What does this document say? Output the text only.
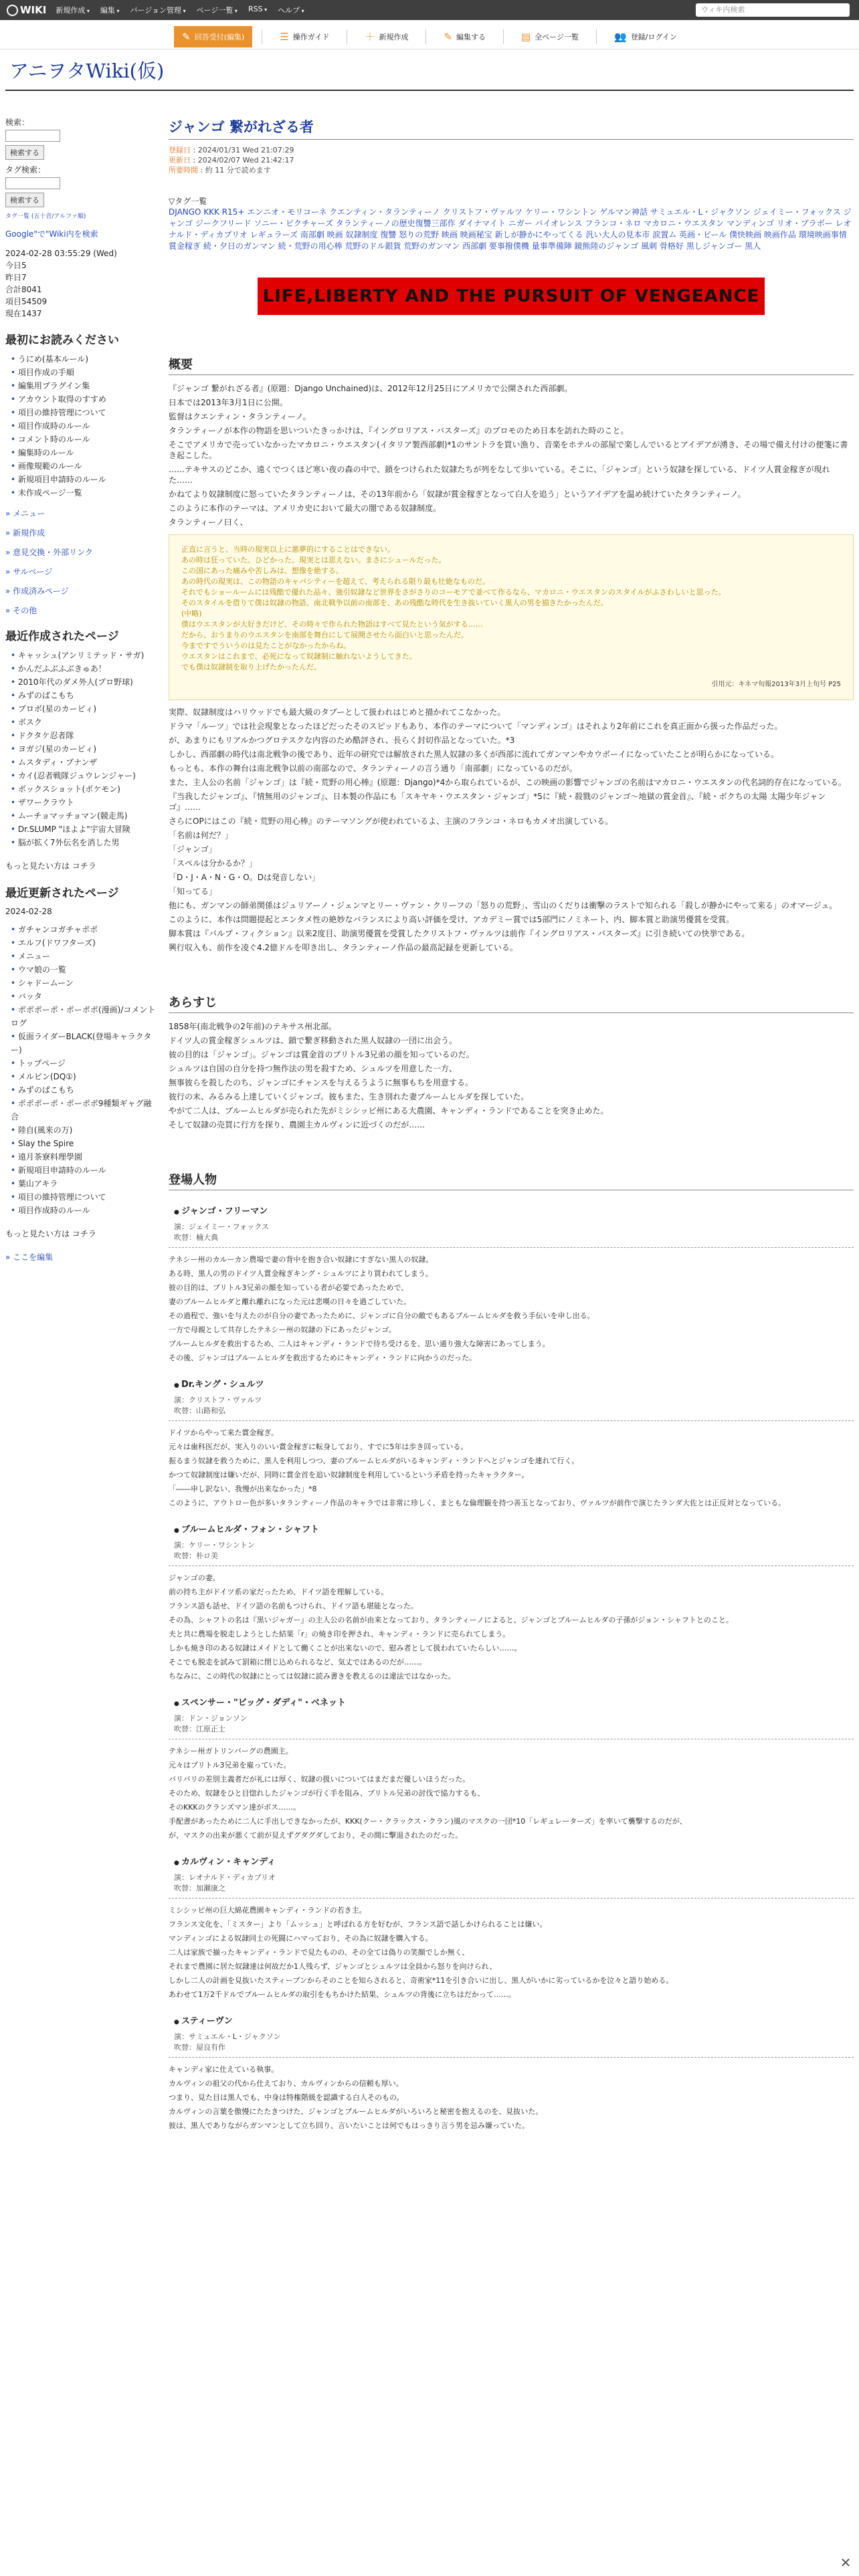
WIKI 新規作成 ▾	編集 ▾	バージョン管理 ▾	ページ一覧 ▾	RSS ▾	ヘルプ ▾	ウィキ内検索
✎ 回答受付(編集)	☰ 操作ガイド	＋ 新規作成	✎ 編集する	▤ 全ページ一覧	👥 登録/ログイン
アニヲタWiki(仮)
検索：
検索する
タグ検索：
検索する
タグ一覧 (五十音/アルファ順)
Google"で"Wiki内を検索
2024-02-28 03:55:29 (Wed)
今日5
昨日7
合計8041
項目54509
現在1437
最初にお読みください
• うにめ(基本ルール)
• 項目作成の手順
• 編集用プラグイン集
• アカウント取得のすすめ
• 項目の維持管理について
• 項目作成時のルール
• コメント時のルール
• 編集時のルール
• 画像規範のルール
• 新規項目申請時のルール
• 未作成ページ一覧
» メニュー
» 新規作成
» 意見交換・外部リンク
» サルベージ
» 作成済みページ
» その他
最近作成されたページ
• キャッシュ(アンリミテッド・サガ)
• かんだふぶふぶきゅあ！
• 2010年代のダメ外人(プロ野球)
• みずのばこもち
• プロボ(星のカービィ)
• ボスク
• ドクタケ忍者隊
• ヨガジ(星のカービィ)
• ムスタディ・ブナンザ
• カイ(忍者戦隊ジュウレンジャー)
• ポックスショット(ポケモン)
• ザワークラウト
• ムーチョマッチョマン(競走馬)
• Dr.SLUMP "ほよよ"宇宙大冒険
• 脳が拡く7外伝名を消した男
もっと見たい方は コチラ
最近更新されたページ
2024-02-28
• ガチャンコガチャポポ
• エルフ(ドワフターズ)
• メニュー
• ウマ娘の一覧
• シャドームーン
• バッタ
• ポポポーポ・ポーポポ(漫画)/コメントログ
• 仮面ライダーBLACK(登場キャラクター)
• トップページ
• メルビン(DQ①)
• みずのばこもち
• ポポポーポ・ポーポポ9種類ギャグ融合
• 陸自(風来の万)
• Slay the Spire
• 遠月茶寮料理學園
• 新規項目申請時のルール
• 葉山アキラ
• 項目の維持管理について
• 項目作成時のルール
もっと見たい方は コチラ
» ここを編集
ジャンゴ 繋がれざる者
登録日 : 2024/01/31 Wed 21:07:29
更新日 : 2024/02/07 Wed 21:42:17
所要時間 : 約 11 分で読めます
▽タグ一覧
DJANGO KKK R15+ エンニオ・モリコーネ クエンティン・タランティーノ クリストフ・ヴァルツ ケリー・ワシントン ゲルマン神話 サミュエル・L・ジャクソン ジェイミー・フォックス ジャンゴ ジークフリード ソニー・ピクチャーズ タランティーノの歴史復讐三部作 ダイナマイト ニガー バイオレンス フランコ・ネロ マカロニ・ウエスタン マンディンゴ リオ・ブラボー レオナルド・ディカプリオ レギュラーズ 南部劇 映画 奴隷制度 復讐 怒りの荒野 映画 映画秘宝 新しが静かにやってくる 汎い大人の見本市 涙置ム 英画・ビール 僕快映画 映画作品 環境映画事情 賞金稼ぎ 続・夕日のガンマン 続・荒野の用心棒 荒野のドル銀貨 荒野のガンマン 西部劇 要事撥僕機 量事準備陣 鏡熊陸のジャンゴ 風刺 骨格好 黒しジャンゴー 黒人
LIFE,LIBERTY AND THE PURSUIT OF VENGEANCE
概要

『ジャンゴ 繋がれざる者』(原題：Django Unchained)は、2012年12月25日にアメリカで公開された西部劇。

日本では2013年3月1日に公開。

監督はクエンティン・タランティーノ。

タランティーノが本作の物語を思いついたきっかけは、『イングロリアス・バスターズ』のプロモのため日本を訪れた時のこと。

そこでアメリカで売っていなかったマカロニ・ウエスタン(イタリア製西部劇)*1のサントラを買い漁り、音楽をホテルの部屋で楽しんでいるとアイデアが湧き、その場で備え付けの便箋に書き起こした。

……テキサスのどこか、遠くでつくほど寒い夜の森の中で、鎖をつけられた奴隷たちが列をなして歩いている。そこに、「ジャンゴ」という奴隷を探している、ドイツ人賞金稼ぎが現れた……

かねてより奴隷制度に怒っていたタランティーノは、その13年前から「奴隷が賞金稼ぎとなって白人を追う」というアイデアを温め続けていたタランティーノ。

このように本作のテーマは、アメリカ史において最大の闇である奴隷制度。

タランティーノ曰く、

正直に言うと、当時の現実以上に悪夢的にすることはできない。
あの時は狂っていた。ひどかった。現実とは思えない。まさにシュールだった。
この国にあった痛みや苦しみは、想像を絶する。
あの時代の現実は、この物語のキャパシティーを超えて、考えられる限り最も壮絶なものだ。
それでもショールームには残酷で優れた品々、強引奴隷など世界をさがさりのコーモアで並べて作るなら、マカロニ・ウエスタンのスタイルがふさわしいと思った。
そのスタイルを借りて僕は奴隷の物語、南北戦争以前の南部を、あの残酷な時代を生き抜いていく黒人の男を描きたかったんだ。
(中略)
僕はウエスタンが大好きだけど、その時々で作られた物語はすべて見たという気がする……
だから、おうまりのウエスタンを南部を舞台にして展開させたら面白いと思ったんだ。
今まですでういうのは見たことがなかったからね。
ウエスタンはこれまで、必死になって奴隷制に触れないようしてきた。
でも僕は奴隷制を取り上げたかったんだ。
引用元：キネマ旬報2013年3月上旬号 P25

実際、奴隷制度はハリウッドでも最大級のタブーとして扱われはじめと描かれてこなかった。

ドラマ「ルーツ」では社会現象となったほどだったそのスピッドもあり、本作のテーマについて「マンディンゴ」はそれより2年前にこれを真正面から扱った作品だった。

が、あまりにもリアルかつグロテスクな内容のため酷評され、長らく封切作品となっていた。*3

しかし、西部劇の時代は南北戦争の後であり、近年の研究では解放された黒人奴隷の多くが西部に流れてガンマンやカウボーイになっていたことが明らかになっている。

もっとも、本作の舞台は南北戦争以前の南部なので、タランティーノの言う通り「南部劇」になっているのだが。

また、主人公の名前「ジャンゴ」は『続・荒野の用心棒』(原題：Django)*4から取られているが、この映画の影響でジャンゴの名前はマカロニ・ウエスタンの代名詞的存在になっている。

『当我したジャンゴ』、『情無用のジャンゴ』、日本製の作品にも「スキヤキ・ウエスタン・ジャンゴ」*5に『続・殺戮のジャンゴ〜地獄の賞金首』、『続・ボクちの太陽 太陽少年ジャンゴ』……

さらにOPにはこの『続・荒野の用心棒』のテーマソングが使われているよ、主演のフランコ・ネロもカメオ出演している。

「名前は何だ？」

「ジャンゴ」

「スペルは分かるか？」

「D・J・A・N・G・O。Dは発音しない」

「知ってる」

他にも、ガンマンの師弟関係はジュリアーノ・ジェンマとリー・ヴァン・クリーフの「怒りの荒野」、雪山のくだりは衝撃のラストで知られる「殺しが静かにやって来る」のオマージュ。

このように、本作は問題提起とエンタメ性の絶妙なバランスにより高い評価を受け、アカデミー賞では5部門にノミネート、内、脚本賞と助演男優賞を受賞。

脚本賞は『パルプ・フィクション』以来2度目、助演男優賞を受賞したクリストフ・ヴァルツは前作『イングロリアス・バスターズ』に引き続いての快挙である。

興行収入も、前作を凌ぐ4.2億ドルを叩き出し、タランティーノ作品の最高記録を更新している。

あらすじ

1858年(南北戦争の2年前)のテキサス州北部。

ドイツ人の賞金稼ぎシュルツは、鎖で繋ぎ移動された黒人奴隷の一団に出会う。

彼の目的は「ジャンゴ」。ジャンゴは賞金首のブリトル3兄弟の顔を知っているのだ。

シュルツは自国の自分を持つ無作法の男を殺すため、シュルツを用意した一方、

無事彼らを殺したのち、ジャンゴにチャンスを与えるうように無事もちを用意する。

彼行の末、みるみる上達していくジャンゴ。彼もまた、生き別れた妻ブルームヒルダを探していた。

やがて二人は、ブルームヒルダが売られた先がミシシッピ州にある大農園、キャンディ・ランドであることを突き止めた。

そして奴隷の売買に行方を探り、農園主カルヴィンに近づくのだが……

登場人物
● ジャンゴ・フリーマン
演：ジェイミー・フォックス
吹替：楠大典

テネシー州のカルーカン農場で妻の背中を抱き合い奴隷にすぎない黒人の奴隷。

ある時、黒人の男のドイツ人賞金稼ぎキング・シュルツにより買われてしまう。

彼の目的は、ブリトル3兄弟の顔を知っている者が必要であったためで、

妻のブルームヒルダと離れ離れになった元は悲嘆の日々を過ごしていた。

その過程で、強いを与えたのが自分の妻であったために、ジャンゴに自分の敵でもあるブルームヒルダを救う手伝いを申し出る。

一方で母親として共存したテネシー州の奴隷の下にあったジャンゴ。

ブルームヒルダを救出するため、二人はキャンディ・ランドで待ち受けるを、思い通り強大な障害にあってしまう。

その後、ジャンゴはブルームヒルダを救出するためにキャンディ・ランドに向かうのだった。

● Dr.キング・シュルツ
演：クリストフ・ヴァルツ
吹替：山路和弘

ドイツからやって来た賞金稼ぎ。

元々は歯科医だが、実入りのいい賞金稼ぎに転身しており、すでに5年は歩き回っている。

振るまう奴隷を救うために、黒人を利用しつつ、妻のブルームヒルダがいるキャンディ・ランドへとジャンゴを連れて行く。

かつて奴隷制度は嫌いだが、同時に賞金首を追い奴隷制度を利用しているという矛盾を持ったキャラクター。

「――申し訳ない、我慢が出来なかった」*8

このように、アウトロー色が多いタランティーノ作品のキャラでは非常に珍しく、まともな倫理観を持つ善玉となっており、ヴァルツが前作で演じたランダ大佐とは正反対となっている。

● ブルームヒルダ・フォン・シャフト
演：ケリー・ワシントン
吹替：朴ロ美

ジャンゴの妻。

前の持ち主がドイツ系の家だったため、ドイツ語を理解している。

フランス語も話せ、ドイツ語の名前もつけられ、ドイツ語も堪能となった。

その為、シャフトの名は『黒いジャガー』の主人公の名前が由来となっており、タランティーノによると、ジャンゴとブルームヒルダの子孫がジョン・シャフトとのこと。

夫と共に農場を脱走しようとした結果「r」の焼き印を押され、キャンディ・ランドに売られてしまう。

しかも焼き印のある奴隷はメイドとして働くことが出来ないので、慰み者として扱われていたらしい……。

そこでも脱走を試みて罰箱に閉じ込められるなど、気丈ではあるのだが……。

ちなみに、この時代の奴隷にとっては奴隷に読み書きを教えるのは違法ではなかった。

● スペンサー・"ビッグ・ダディ"・ベネット
演：ドン・ジョンソン
吹替：江原正士

テネシー州ガトリンバーグの農園主。

元々はプリトル3兄弟を雇っていた。

バリバリの差別主義者だが礼には厚く、奴隷の扱いについてはまだまだ優しいほうだった。

そのため、奴隷をひと目惚れしたジャンゴが行く手を阻み、ブリトル兄弟の討伐で協力するも、

そのKKKのクランズマン達がボス……。

手配書があったために二人に手出しできなかったが、KKK(クー・クラックス・クラン)風のマスクの一団*10「レギュレーターズ」を率いて襲撃するのだが、

が、マスクの出来が悪くて前が見えずグダグダしており、その間に撃退されたのだった。

● カルヴィン・キャンディ
演：レオナルド・ディカプリオ
吹替：加瀬康之

ミシシッピ州の巨大綿花農園キャンディ・ランドの若き主。

フランス文化を、「ミスター」より「ムッシュ」と呼ばれる方を好むが、フランス語で話しかけられることは嫌い。

マンディンゴによる奴隷同士の死闘にハマっており、その為に奴隷を購入する。

二人は家族で揃ったキャンディ・ランドで見たものの、その全ては偽りの笑顔でしか無く、

それまで農園に居た奴隷達は何故だか1人残らず、ジャンゴとシュルツは全員から怒りを向けられ、

しかし二人の計画を見抜いたスティーブンからそのことを知らされると、奇術家*11を引き合いに出し、黒人がいかに劣っているかを泣々と語り始める。

あわせて1万2千ドルでブルームヒルダの取引をもちかけた結果、シュルツの背後に立ちはだかって……。

● スティーヴン
演：サミュエル・L・ジャクソン
吹替：屋良有作

キャンディ家に仕えている執事。

カルヴィンの祖父の代から仕えており、カルヴィンからの信頼も厚い。

つまり、見た目は黒人でも、中身は特権階級を認識する白人そのもの。

カルヴィンの言葉を傲慢にたたきつけた、ジャンゴとブルームヒルダがいろいろと秘密を抱えるのを、見抜いた。

彼は、黒人でありながらガンマンとして立ち回り、言いたいことは何でもはっきり言う男を忌み嫌っていた。

✕
